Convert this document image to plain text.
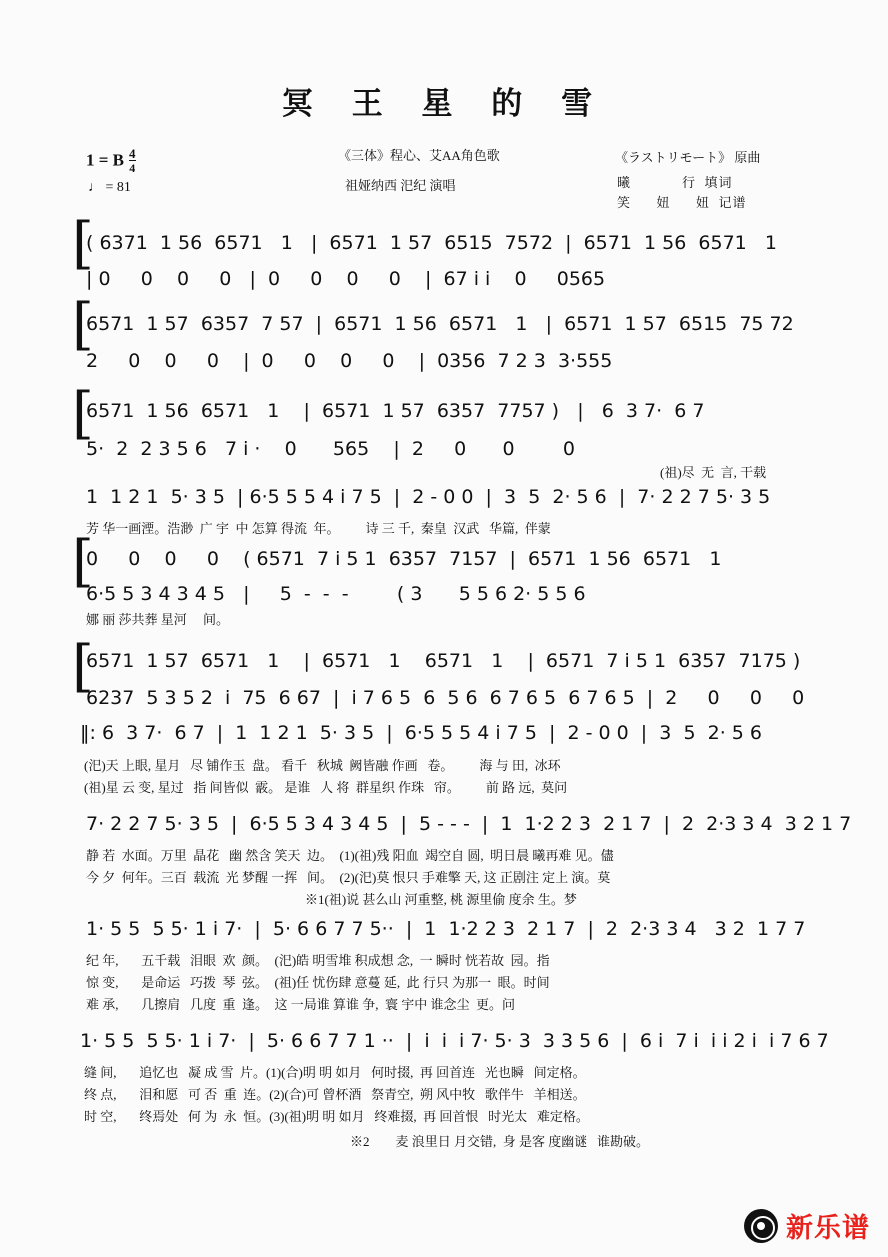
冥 王 星 的 雪
1 = B $\frac{4}{4}$
♩ = 81
《三体》程心、艾AA角色歌
祖娅纳西 汜纪 演唱
《ラストリモート》 原曲
曦            行  填词
笑      妞      妞  记谱
[
( 6371  1 56  6571   1   |  6571  1 57  6515  7572  |  6571  1 56  6571   1
| 0     0    0     0   |  0     0    0     0    |  67 i i    0     0565
[
6571  1 57  6357  7 57  |  6571  1 56  6571   1   |  6571  1 57  6515  75 72
2     0    0     0    |  0     0    0     0    |  0356  7 2 3  3·555
[
6571  1 56  6571   1    |  6571  1 57  6357  7757 )   |   6  3 7·  6 7
5·  2  2 3 5 6   7 i ·    0      565    |  2     0      0        0
(祖)尽  无  言, 干载
1  1 2 1  5· 3 5  | 6·5 5 5 4 i 7 5  |  2 - 0 0  |  3  5  2· 5 6  |  7· 2 2 7 5· 3 5
芳 华一画湮。浩渺  广 宇  中 怎算 得流  年。        诗 三 千,  秦皇  汉武   华篇,  伴蒙
[
0     0    0     0    ( 6571  7 i 5 1  6357  7157  |  6571  1 56  6571   1
6·5 5 3 4 3 4 5   |     5  -  -  -        ( 3      5 5 6 2· 5 5 6
娜 丽 莎共葬 星河     间。
[
6571  1 57  6571   1    |  6571   1    6571   1    |  6571  7 i 5 1  6357  7175 )
6237  5 3 5 2  i  75  6 67  |  i 7 6 5  6  5 6  6 7 6 5  6 7 6 5  |  2     0     0     0
‖: 6  3 7·  6 7  |  1  1 2 1  5· 3 5  |  6·5 5 5 4 i 7 5  |  2 - 0 0  |  3  5  2· 5 6
(汜)天 上眼, 星月   尽 铺作玉  盘。 看千   秋城  阙皆融 作画   卷。        海 与 田,  冰环
(祖)星 云 变, 星过   指 间皆似  霰。 是谁   人 将  群星织 作珠   帘。        前 路 远,  莫问
7· 2 2 7 5· 3 5  |  6·5 5 3 4 3 4 5  |  5 - - -  |  1  1·2 2 3  2 1 7  |  2  2·3 3 4  3 2 1 7
静 若  水面。万里  晶花   幽 然含 笑天  边。  (1)(祖)残 阳血  竭空自 圆,  明日晨 曦再难 见。儘
今 夕  何年。三百  载流  光 梦醒 一挥   间。  (2)(汜)莫 恨只 手难擎 天, 这 正剧注 定上 演。莫
※1(祖)说 甚么山 河重整, 桃 源里偷 度余 生。梦
1· 5 5  5 5· 1 i 7·  |  5· 6 6 7 7 5··  |  1  1·2 2 3  2 1 7  |  2  2·3 3 4   3 2  1 7 7
纪 年,       五千载   泪眼  欢  颜。  (汜)皓 明雪堆 积成想 念,  一 瞬时 恍若故  园。指
惊 变,       是命运   巧拨  琴  弦。  (祖)任 忧伤肆 意蔓 延,  此 行只 为那一  眼。时间
难 承,       几擦肩   几度  重  逢。  这 一局谁 算谁 争,  寰 宇中 谁念尘  更。问
1· 5 5  5 5· 1 i 7·  |  5· 6 6 7 7 1 ··  |  i  i  i 7· 5· 3  3 3 5 6  |  6 i  7 i  i i 2 i  i 7 6 7
缝 间,       追忆也   凝 成 雪  片。(1)(合)明 明 如月   何时掇,  再 回首连   光也瞬   间定格。
终 点,       泪和愿   可 否  重  连。(2)(合)可 曾杯酒   祭青空,  朔 风中牧   歌伴牛   羊相送。
时 空,       终焉处   何 为  永  恒。(3)(祖)明 明 如月   终难掇,  再 回首恨   时光太   难定格。
※2        麦 浪里日 月交错,  身 是客 度幽谜   谁勘破。
新乐谱
